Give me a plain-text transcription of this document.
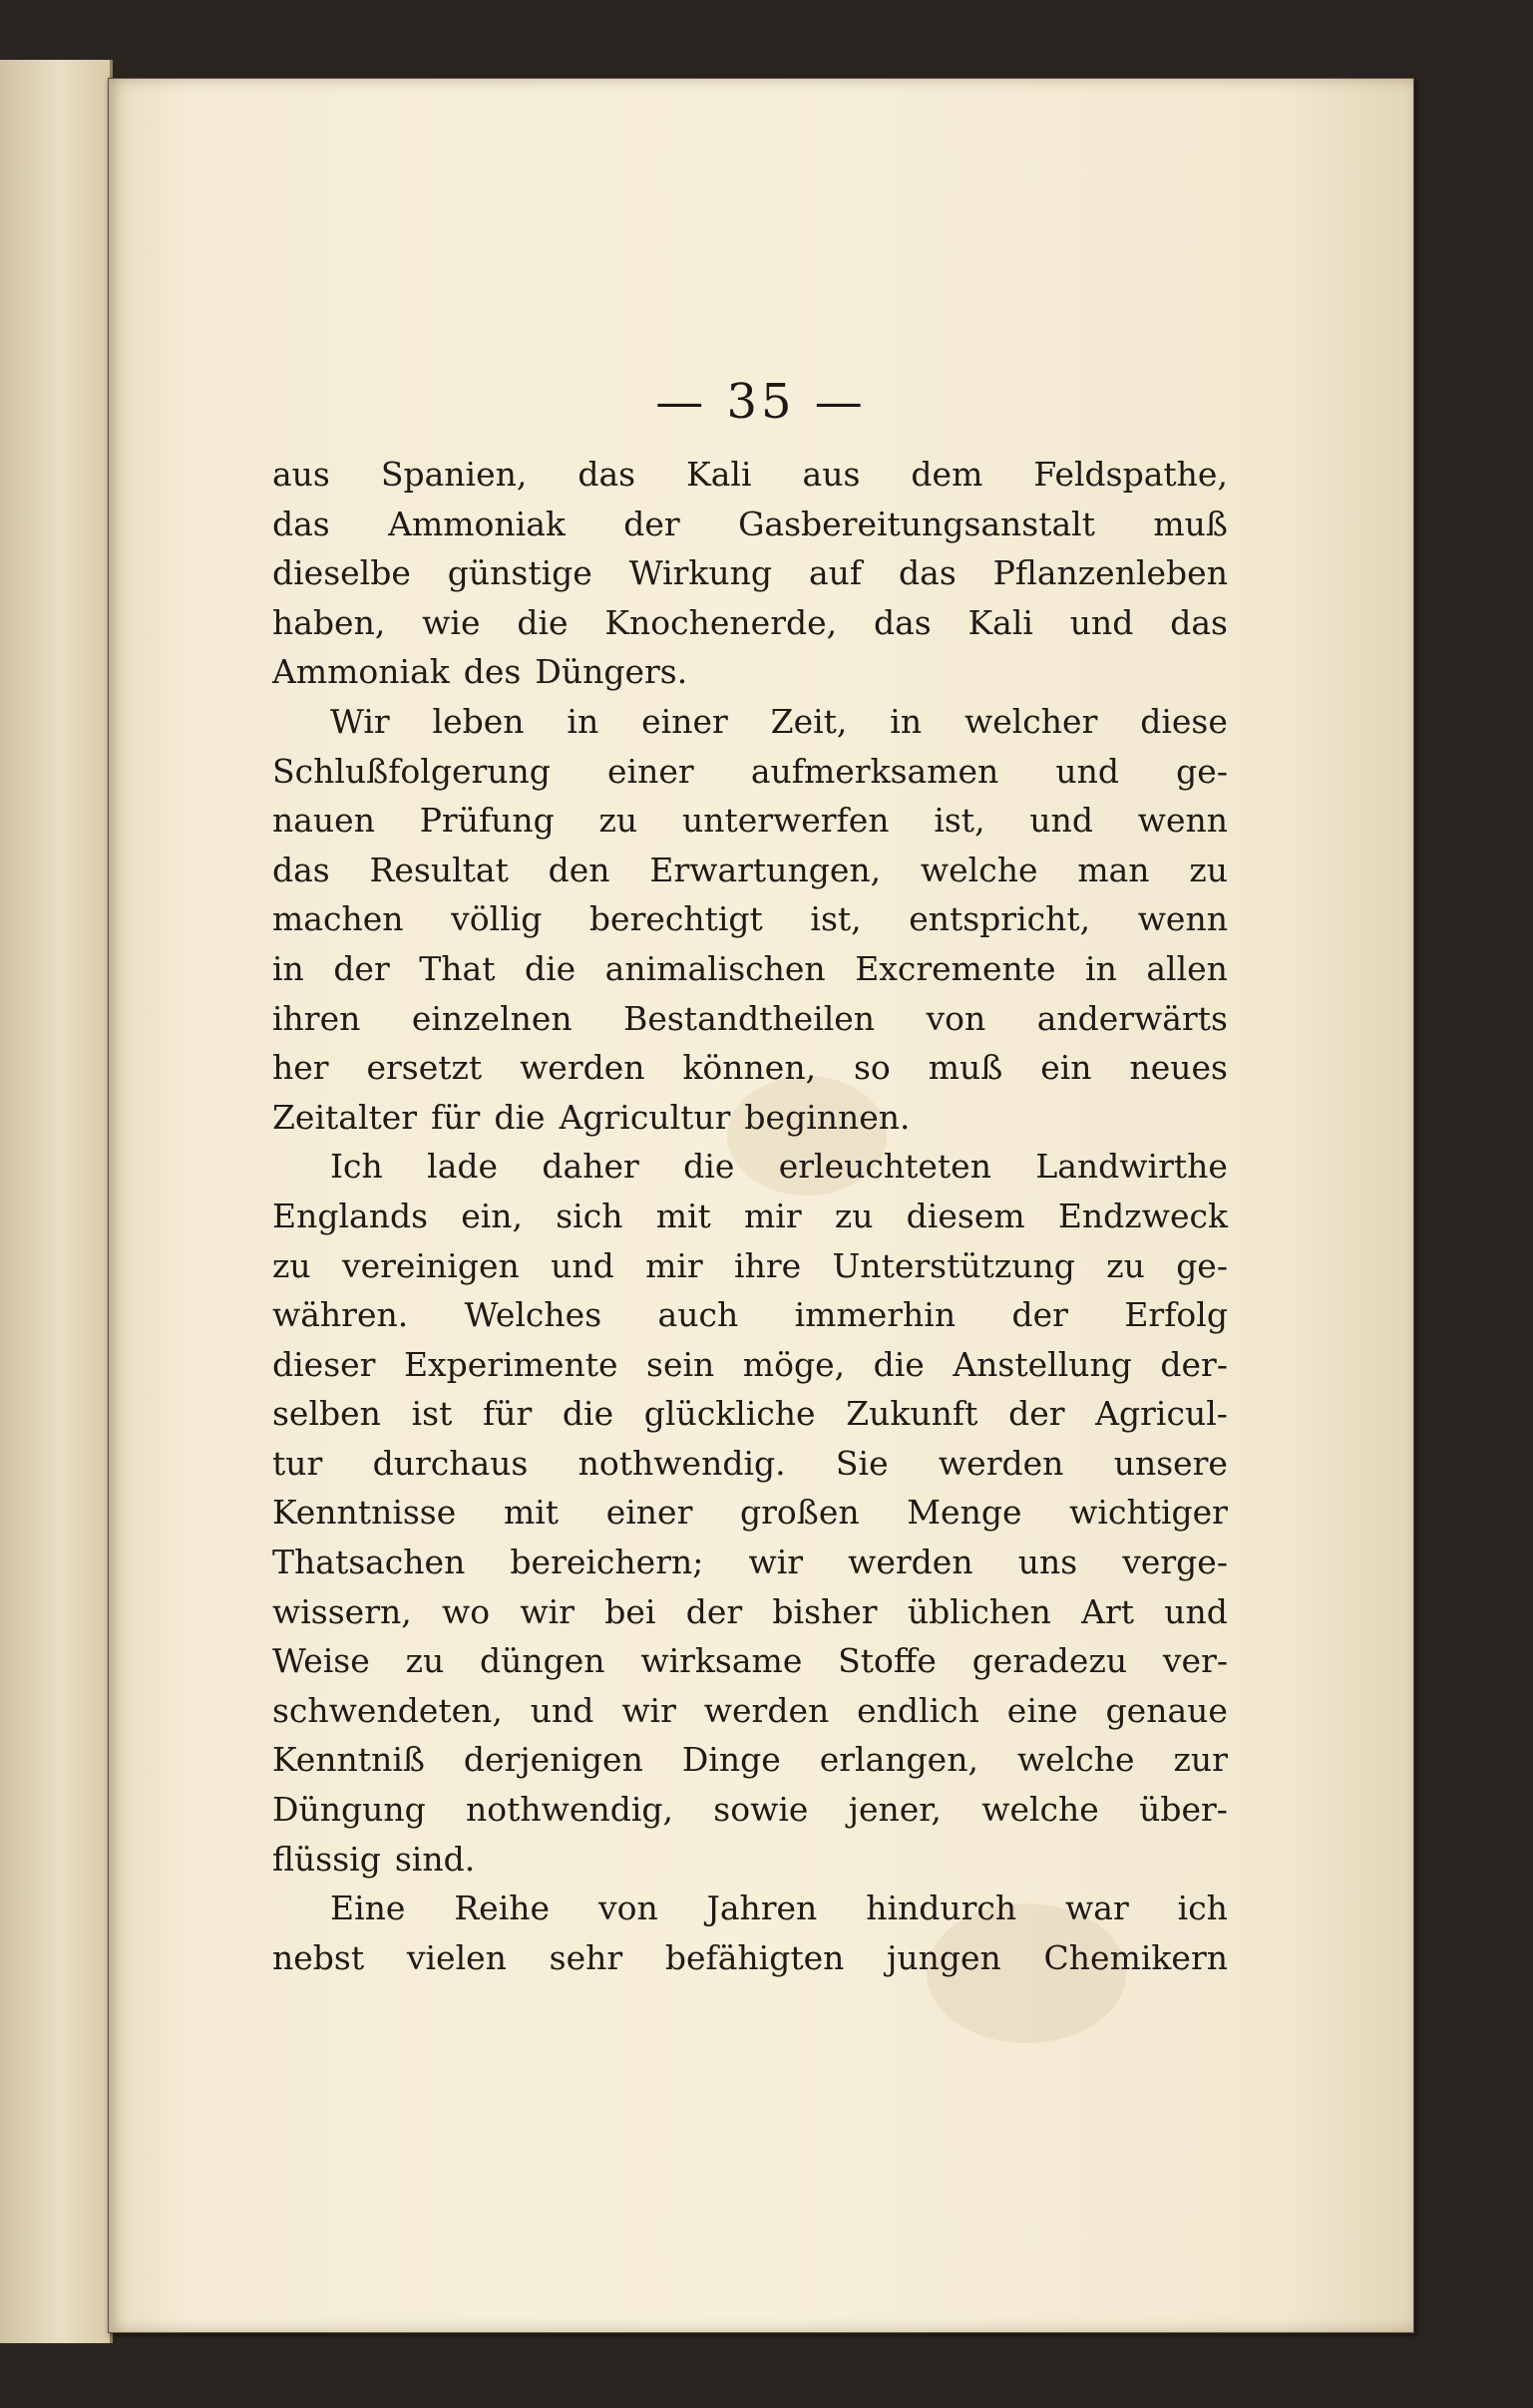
— 35 —
aus Spanien, das Kali aus dem Feldspathe,
das Ammoniak der Gasbereitungsanstalt muß
dieselbe günstige Wirkung auf das Pflanzenleben
haben, wie die Knochenerde, das Kali und das
Ammoniak des Düngers.
Wir leben in einer Zeit, in welcher diese
Schlußfolgerung einer aufmerksamen und ge-
nauen Prüfung zu unterwerfen ist, und wenn
das Resultat den Erwartungen, welche man zu
machen völlig berechtigt ist, entspricht, wenn
in der That die animalischen Excremente in allen
ihren einzelnen Bestandtheilen von anderwärts
her ersetzt werden können, so muß ein neues
Zeitalter für die Agricultur beginnen.
Ich lade daher die erleuchteten Landwirthe
Englands ein, sich mit mir zu diesem Endzweck
zu vereinigen und mir ihre Unterstützung zu ge-
währen. Welches auch immerhin der Erfolg
dieser Experimente sein möge, die Anstellung der-
selben ist für die glückliche Zukunft der Agricul-
tur durchaus nothwendig. Sie werden unsere
Kenntnisse mit einer großen Menge wichtiger
Thatsachen bereichern; wir werden uns verge-
wissern, wo wir bei der bisher üblichen Art und
Weise zu düngen wirksame Stoffe geradezu ver-
schwendeten, und wir werden endlich eine genaue
Kenntniß derjenigen Dinge erlangen, welche zur
Düngung nothwendig, sowie jener, welche über-
flüssig sind.
Eine Reihe von Jahren hindurch war ich
nebst vielen sehr befähigten jungen Chemikern
